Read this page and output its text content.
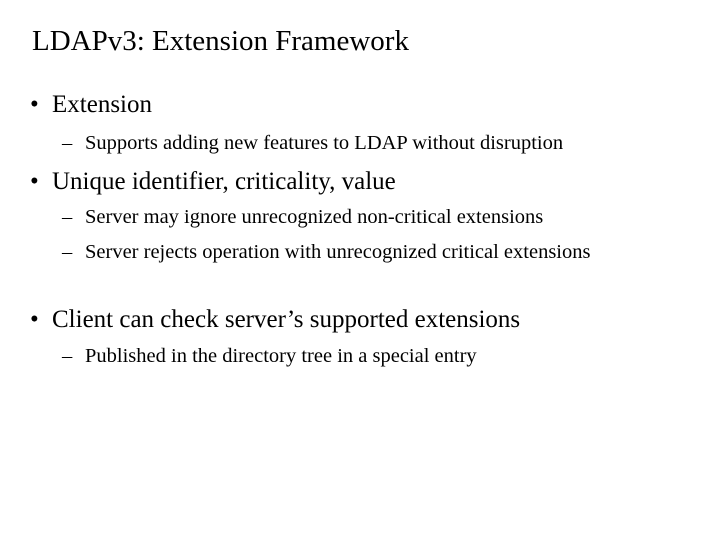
LDAPv3: Extension Framework
• Extension
– Supports adding new features to LDAP without disruption
• Unique identifier, criticality, value
– Server may ignore unrecognized non-critical extensions
– Server rejects operation with unrecognized critical extensions
• Client can check server’s supported extensions
– Published in the directory tree in a special entry
